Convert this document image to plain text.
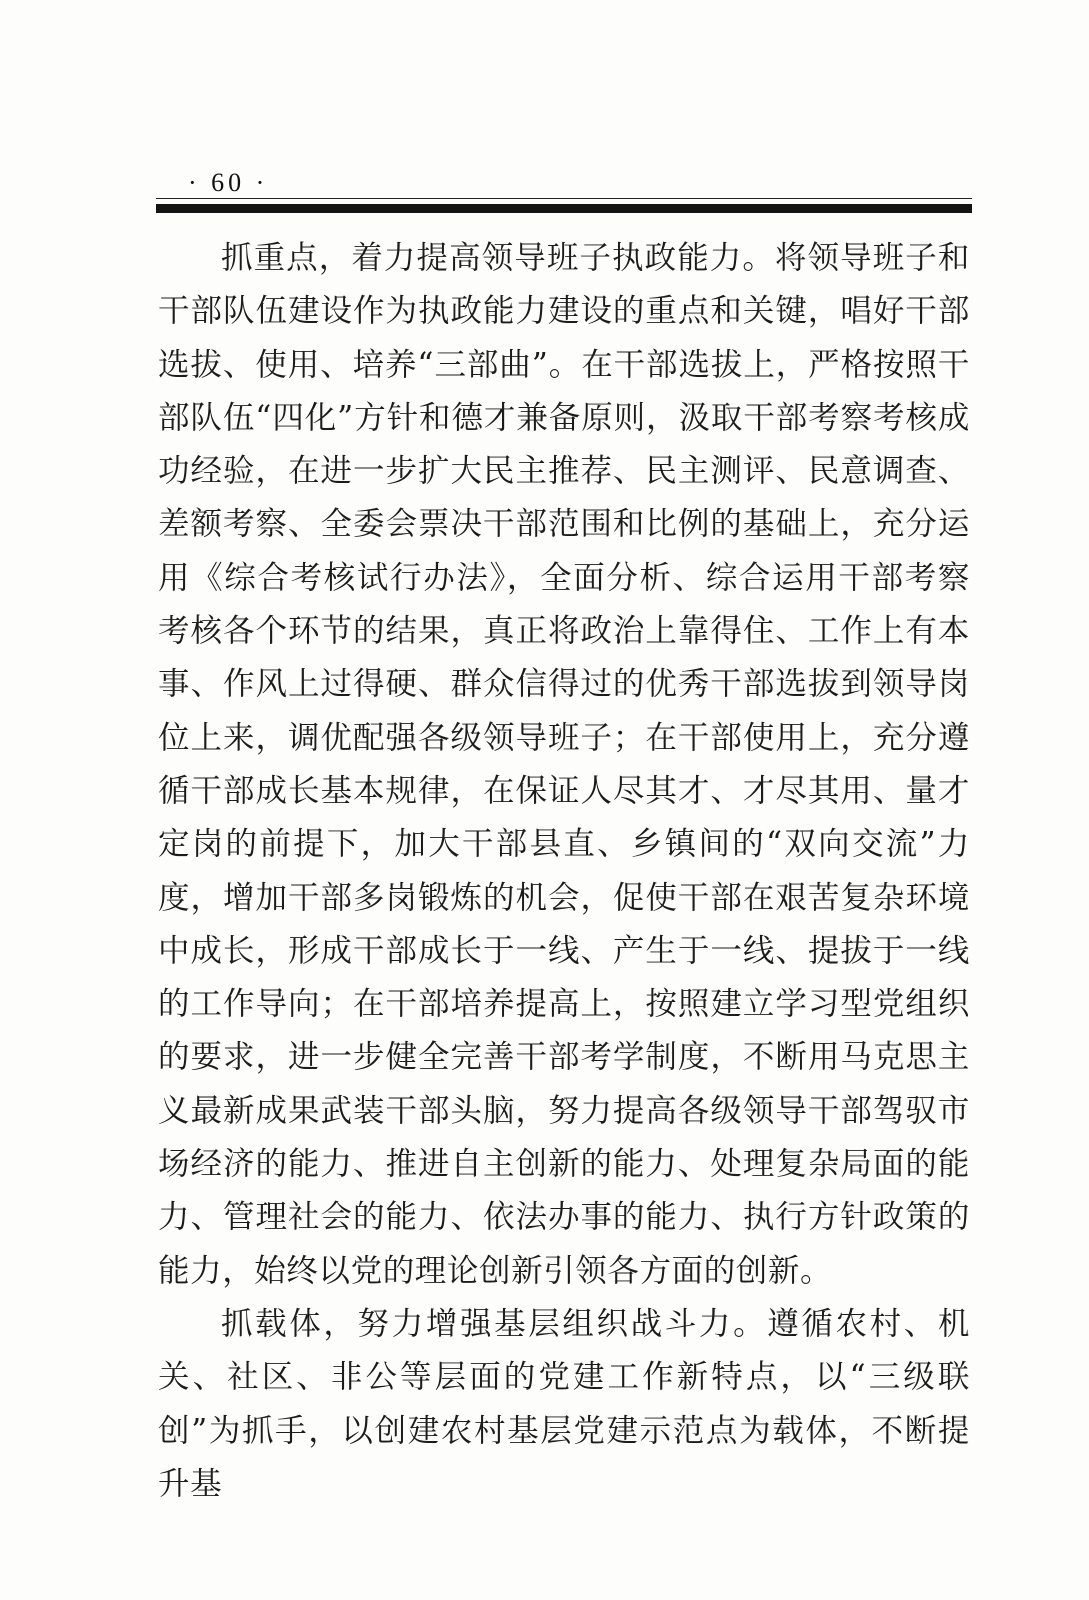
· 60 ·

抓重点，着力提高领导班子执政能力。将领导班子和干部队伍建设作为执政能力建设的重点和关键，唱好干部选拔、使用、培养“三部曲”。在干部选拔上，严格按照干部队伍“四化”方针和德才兼备原则，汲取干部考察考核成功经验，在进一步扩大民主推荐、民主测评、民意调查、差额考察、全委会票决干部范围和比例的基础上，充分运用《综合考核试行办法》，全面分析、综合运用干部考察考核各个环节的结果，真正将政治上靠得住、工作上有本事、作风上过得硬、群众信得过的优秀干部选拔到领导岗位上来，调优配强各级领导班子；在干部使用上，充分遵循干部成长基本规律，在保证人尽其才、才尽其用、量才定岗的前提下，加大干部县直、乡镇间的“双向交流”力度，增加干部多岗锻炼的机会，促使干部在艰苦复杂环境中成长，形成干部成长于一线、产生于一线、提拔于一线的工作导向；在干部培养提高上，按照建立学习型党组织的要求，进一步健全完善干部考学制度，不断用马克思主义最新成果武装干部头脑，努力提高各级领导干部驾驭市场经济的能力、推进自主创新的能力、处理复杂局面的能力、管理社会的能力、依法办事的能力、执行方针政策的能力，始终以党的理论创新引领各方面的创新。

抓载体，努力增强基层组织战斗力。遵循农村、机关、社区、非公等层面的党建工作新特点，以“三级联创”为抓手，以创建农村基层党建示范点为载体，不断提升基
